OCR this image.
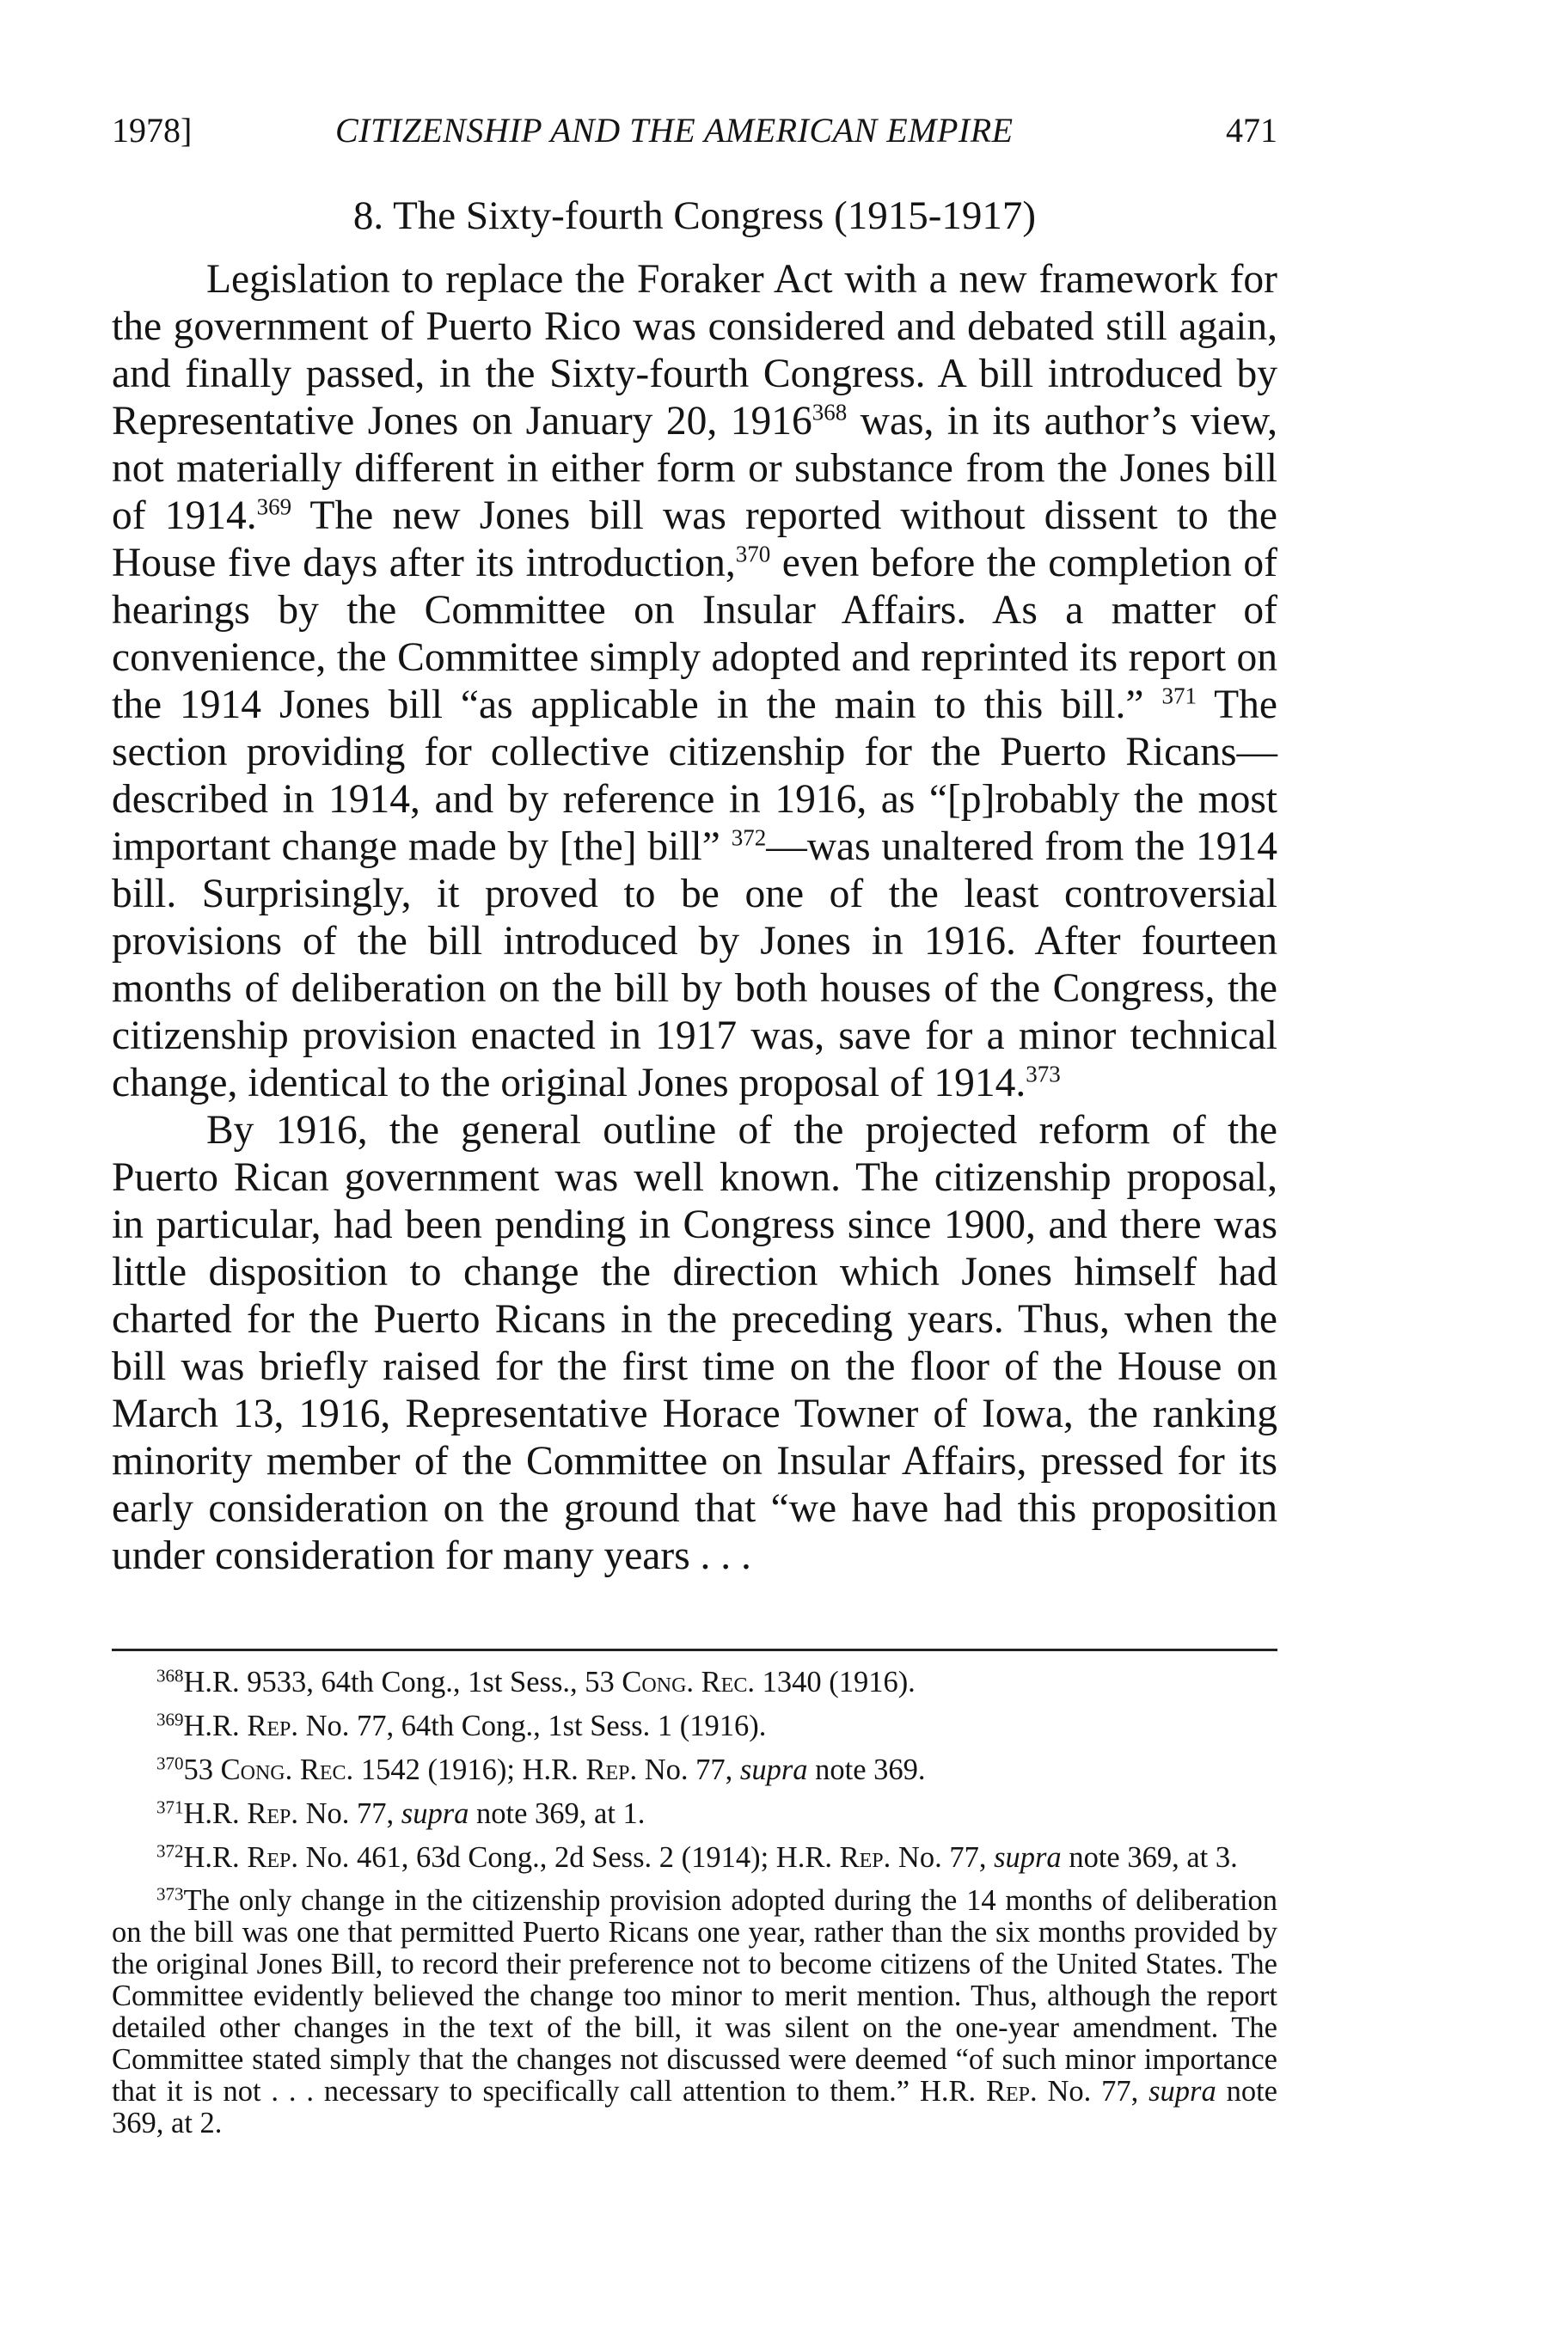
1978]	CITIZENSHIP AND THE AMERICAN EMPIRE	471
8. The Sixty-fourth Congress (1915-1917)

Legislation to replace the Foraker Act with a new framework for the government of Puerto Rico was considered and debated still again, and finally passed, in the Sixty-fourth Congress. A bill introduced by Representative Jones on January 20, 1916$^{368}$ was, in its author’s view, not materially different in either form or substance from the Jones bill of 1914.$^{369}$ The new Jones bill was reported without dissent to the House five days after its introduction,$^{370}$ even before the completion of hearings by the Committee on Insular Affairs. As a matter of convenience, the Committee simply adopted and reprinted its report on the 1914 Jones bill “as applicable in the main to this bill.” $^{371}$ The section providing for collective citizenship for the Puerto Ricans—described in 1914, and by reference in 1916, as “[p]robably the most important change made by [the] bill” $^{372}$—was unaltered from the 1914 bill. Surprisingly, it proved to be one of the least controversial provisions of the bill introduced by Jones in 1916. After fourteen months of deliberation on the bill by both houses of the Congress, the citizenship provision enacted in 1917 was, save for a minor technical change, identical to the original Jones proposal of 1914.$^{373}$

By 1916, the general outline of the projected reform of the Puerto Rican government was well known. The citizenship proposal, in particular, had been pending in Congress since 1900, and there was little disposition to change the direction which Jones himself had charted for the Puerto Ricans in the preceding years. Thus, when the bill was briefly raised for the first time on the floor of the House on March 13, 1916, Representative Horace Towner of Iowa, the ranking minority member of the Committee on Insular Affairs, pressed for its early consideration on the ground that “we have had this proposition under consideration for many years . . .

$^{368}$H.R. 9533, 64th Cong., 1st Sess., 53 Cong. Rec. 1340 (1916).

$^{369}$H.R. Rep. No. 77, 64th Cong., 1st Sess. 1 (1916).

$^{370}$53 Cong. Rec. 1542 (1916); H.R. Rep. No. 77, supra note 369.

$^{371}$H.R. Rep. No. 77, supra note 369, at 1.

$^{372}$H.R. Rep. No. 461, 63d Cong., 2d Sess. 2 (1914); H.R. Rep. No. 77, supra note 369, at 3.

$^{373}$The only change in the citizenship provision adopted during the 14 months of deliberation on the bill was one that permitted Puerto Ricans one year, rather than the six months provided by the original Jones Bill, to record their preference not to become citizens of the United States. The Committee evidently believed the change too minor to merit mention. Thus, although the report detailed other changes in the text of the bill, it was silent on the one-year amendment. The Committee stated simply that the changes not discussed were deemed “of such minor importance that it is not . . . necessary to specifically call attention to them.” H.R. Rep. No. 77, supra note 369, at 2.
